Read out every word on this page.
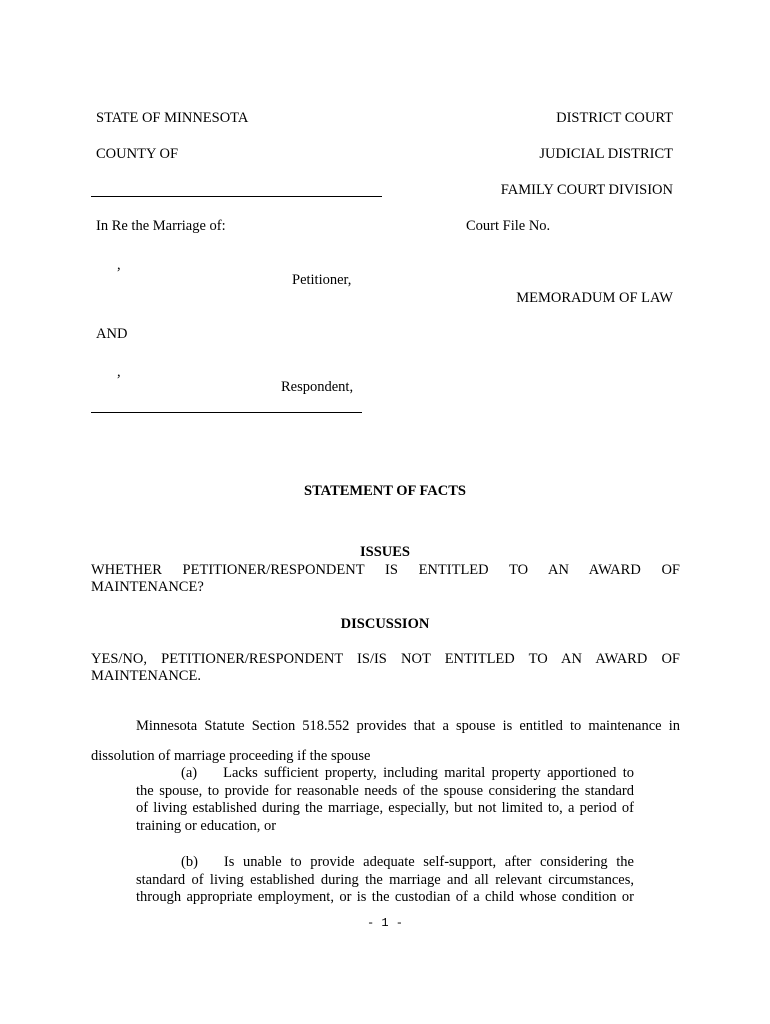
STATE OF MINNESOTA	DISTRICT COURT
COUNTY OF	JUDICIAL DISTRICT
FAMILY COURT DIVISION
In Re the Marriage of:	Court File No.
,
Petitioner,
MEMORADUM OF LAW
AND
,
Respondent,
STATEMENT OF FACTS
ISSUES
WHETHER PETITIONER/RESPONDENT IS ENTITLED TO AN AWARD OF
MAINTENANCE?
DISCUSSION
YES/NO, PETITIONER/RESPONDENT IS/IS NOT ENTITLED TO AN AWARD OF
MAINTENANCE.
Minnesota Statute Section 518.552 provides that a spouse is entitled to maintenance in
dissolution of marriage proceeding if the spouse
(a) Lacks sufficient property, including marital property apportioned to
the spouse, to provide for reasonable needs of the spouse considering the standard
of living established during the marriage, especially, but not limited to, a period of
training or education, or
(b) Is unable to provide adequate self-support, after considering the
standard of living established during the marriage and all relevant circumstances,
through appropriate employment, or is the custodian of a child whose condition or
- 1 -
